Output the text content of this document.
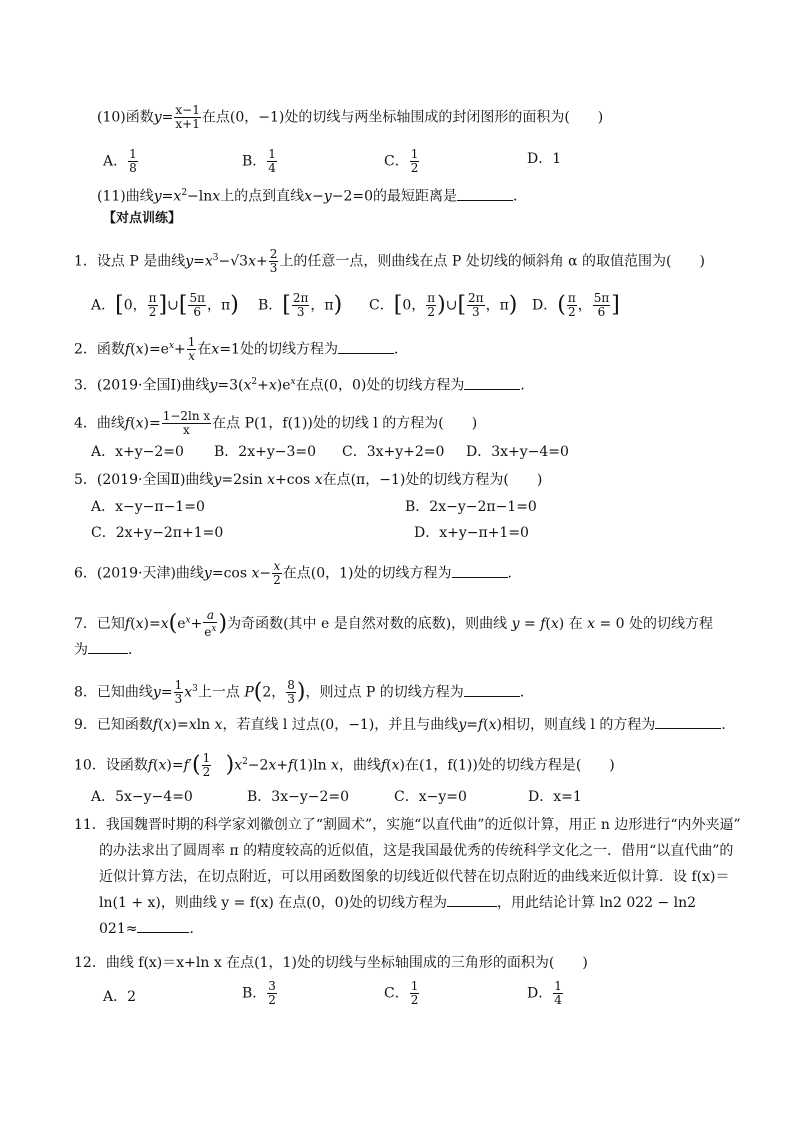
(10)函数$y= \frac{x-1}{x+1}$ 在点(0，−1)处的切线与两坐标轴围成的封闭图形的面积为(　　)
A． $\frac{1}{8}$	B． $\frac{1}{4}$	C． $\frac{1}{2}$	D．1
(11)曲线$y=x^2-\ln x$上的点到直线x−y−2=0的最短距离是	．
【对点训练】
1．设点 P 是曲线$y=x^3-√3x+ \frac{2}{3}$ 上的任意一点，则曲线在点 P 处切线的倾斜角 α 的取值范围为(　　)
A．[0， $\frac{\pi}{2}$ ]∪[ $\frac{5\pi}{6}$ ，π) B．[ $\frac{2\pi}{3}$ ，π) C．[0， $\frac{\pi}{2}$ )∪[ $\frac{2\pi}{3}$ ，π) D．( $\frac{\pi}{2}$ ， $\frac{5\pi}{6}$ ]
2．函数$f(x)=e^x+ \frac{1}{x}$ 在x=1处的切线方程为	．
3．(2019·全国Ⅰ)曲线$y=3(x^2+x)e^x$在点(0，0)处的切线方程为	．
4．曲线$f(x)= \frac{\text{1−2ln x}}{x}$ 在点 P(1，f(1))处的切线 l 的方程为(　　)
A．x+y−2=0 B．2x+y−3=0 C．3x+y+2=0 D．3x+y−4=0
5．(2019·全国Ⅱ)曲线y=2sin x+cos x在点(π，−1)处的切线方程为(　　)
A．x−y−π−1=0	B．2x−y−2π−1=0
C．2x+y−2π+1=0	D．x+y−π+1=0
6．(2019·天津)曲线y=cos $x- \frac{x}{2}$ 在点(0，1)处的切线方程为	．
7．已知$f(x)=x(e^x+ \frac{a}{e^x}$ )为奇函数(其中 e 是自然对数的底数)，则曲线 y = f(x) 在 x = 0 处的切线方程
为	．
8．已知曲线$y= \frac{1}{3} x^3$上一点 P(2， $\frac{8}{3}$ )，则过点 P 的切线方程为	．
9．已知函数f(x)=xln x，若直线 l 过点(0，−1)，并且与曲线y=f(x)相切，则直线 l 的方程为	．
10．设函数$f(x)=f'( \frac{1}{2} )x^2-2x+f(1)\ln$ x，曲线f(x)在(1，f(1))处的切线方程是(　　)
A．5x−y−4=0	B．3x−y−2=0	C．x−y=0	D．x=1
11．我国魏晋时期的科学家刘徽创立了“割圆术”，实施“以直代曲”的近似计算，用正 n 边形进行“内外夹逼”
的办法求出了圆周率 π 的精度较高的近似值，这是我国最优秀的传统科学文化之一．借用“以直代曲”的
近似计算方法，在切点附近，可以用函数图象的切线近似代替在切点附近的曲线来近似计算．设 f(x)＝
ln(1 + x)，则曲线 y = f(x) 在点(0，0)处的切线方程为	，用此结论计算 ln2 022 − ln2
021≈	．
12．曲线 f(x)＝x+ln x 在点(1，1)处的切线与坐标轴围成的三角形的面积为(　　)
A．2	B． $\frac{3}{2}$	C． $\frac{1}{2}$	D． $\frac{1}{4}$
